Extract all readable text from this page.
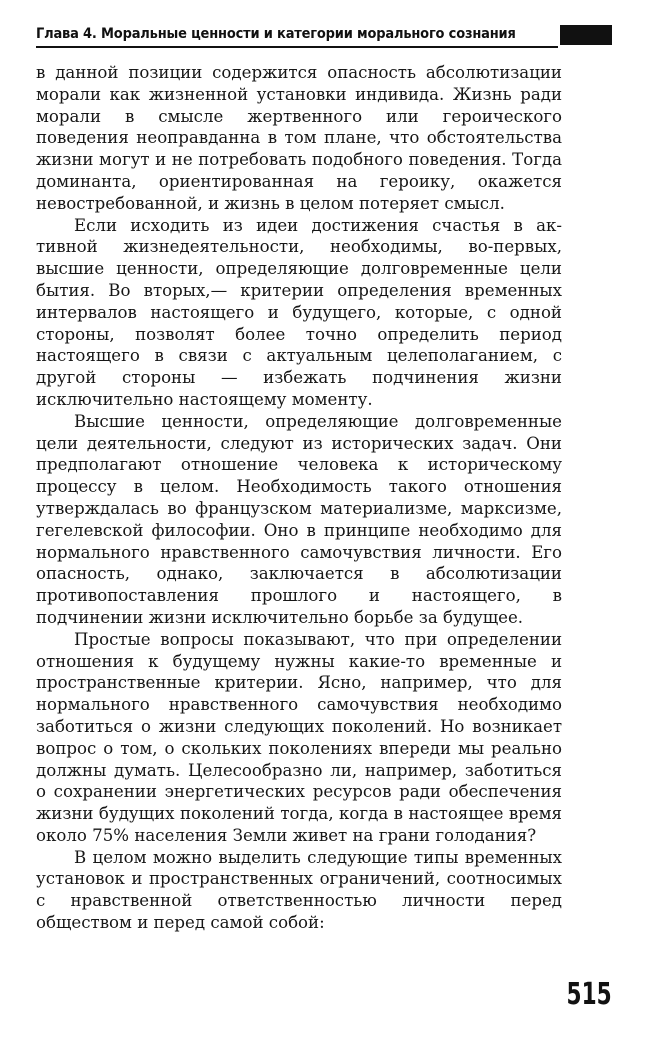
Глава 4. Моральные ценности и категории морального сознания

в данной позиции содержится опасность абсолютизации морали как жизненной установки индивида. Жизнь ради морали в смысле жертвенного или героического поведения неоправданна в том плане, что обстоятельства жизни могут и не потребовать подобного поведения. Тогда доминанта, ориентированная на героику, окажется невостребованной, и жизнь в целом потеряет смысл.

Если исходить из идеи достижения счастья в активной жизнедеятельности, необходимы, во-первых, высшие ценности, определяющие долговременные цели бытия. Во вторых,— критерии определения временных интервалов настоящего и будущего, которые, с одной стороны, позволят более точно определить период настоящего в связи с актуальным целеполаганием, с другой стороны — избежать подчинения жизни исключительно настоящему моменту.

Высшие ценности, определяющие долговременные цели деятельности, следуют из исторических задач. Они предполагают отношение человека к историческому процессу в целом. Необходимость такого отношения утверждалась во французском материализме, марксизме, гегелевской философии. Оно в принципе необходимо для нормального нравственного самочувствия личности. Его опасность, однако, заключается в абсолютизации противопоставления прошлого и настоящего, в подчинении жизни исключительно борьбе за будущее.

Простые вопросы показывают, что при определении отношения к будущему нужны какие-то временные и пространственные критерии. Ясно, например, что для нормального нравственного самочувствия необходимо заботиться о жизни следующих поколений. Но возникает вопрос о том, о скольких поколениях впереди мы реально должны думать. Целесообразно ли, например, заботиться о сохранении энергетических ресурсов ради обеспечения жизни будущих поколений тогда, когда в настоящее время около 75% населения Земли живет на грани голодания?

В целом можно выделить следующие типы временных установок и пространственных ограничений, соотносимых с нравственной ответственностью личности перед обществом и перед самой собой:

515
